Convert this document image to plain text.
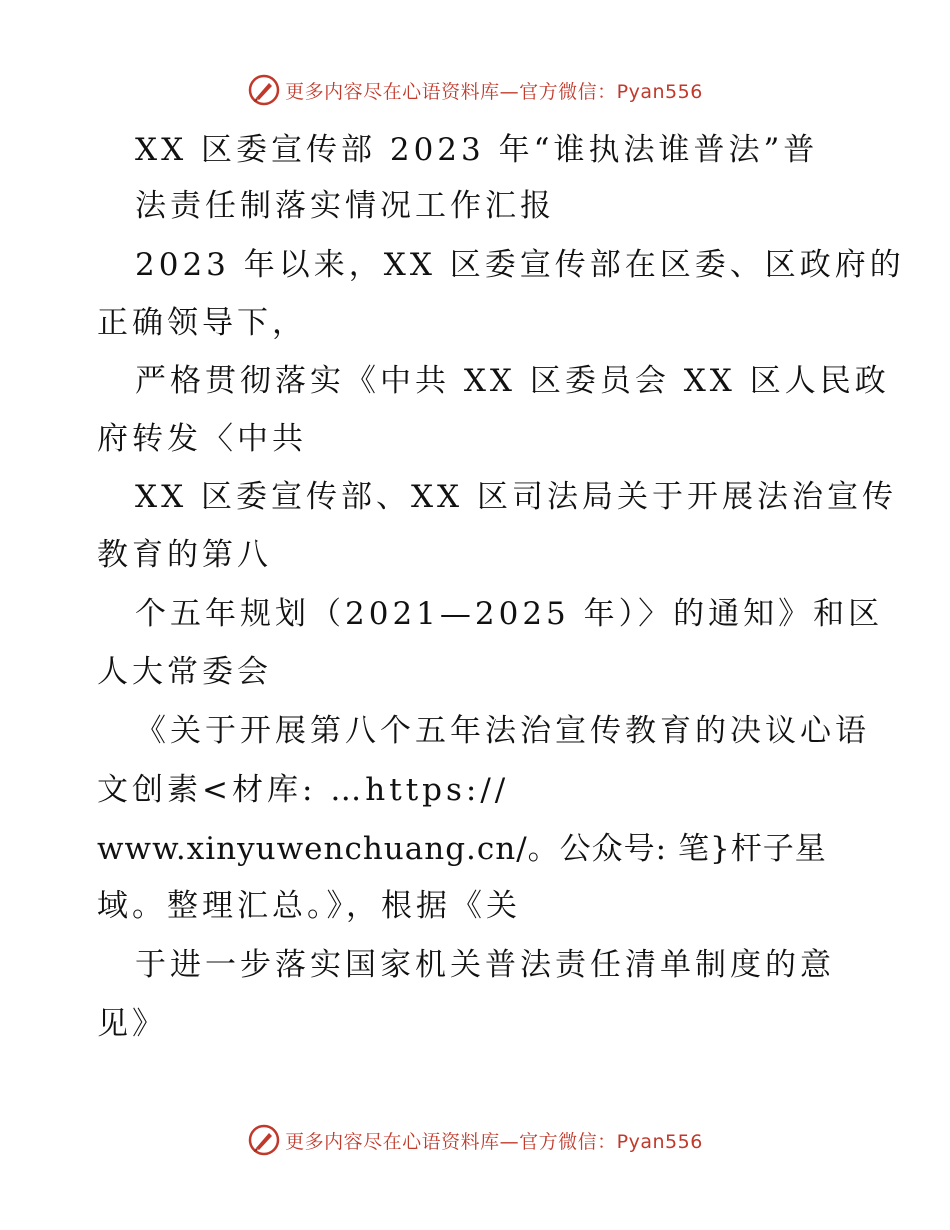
更多内容尽在心语资料库—官方微信：Pyan556
XX 区委宣传部 2023 年“谁执法谁普法”普
法责任制落实情况工作汇报
2023 年以来，XX 区委宣传部在区委、区政府的
正确领导下，
严格贯彻落实《中共 XX 区委员会 XX 区人民政
府转发〈中共
XX 区委宣传部、XX 区司法局关于开展法治宣传
教育的第八
个五年规划（2021—2025 年）〉的通知》和区
人大常委会
《关于开展第八个五年法治宣传教育的决议心语
文创素<材库: …https://
www.xinyuwenchuang.cn/。公众号: 笔}杆子星
域。整理汇总。》，根据《关
于进一步落实国家机关普法责任清单制度的意
见》
更多内容尽在心语资料库—官方微信：Pyan556
